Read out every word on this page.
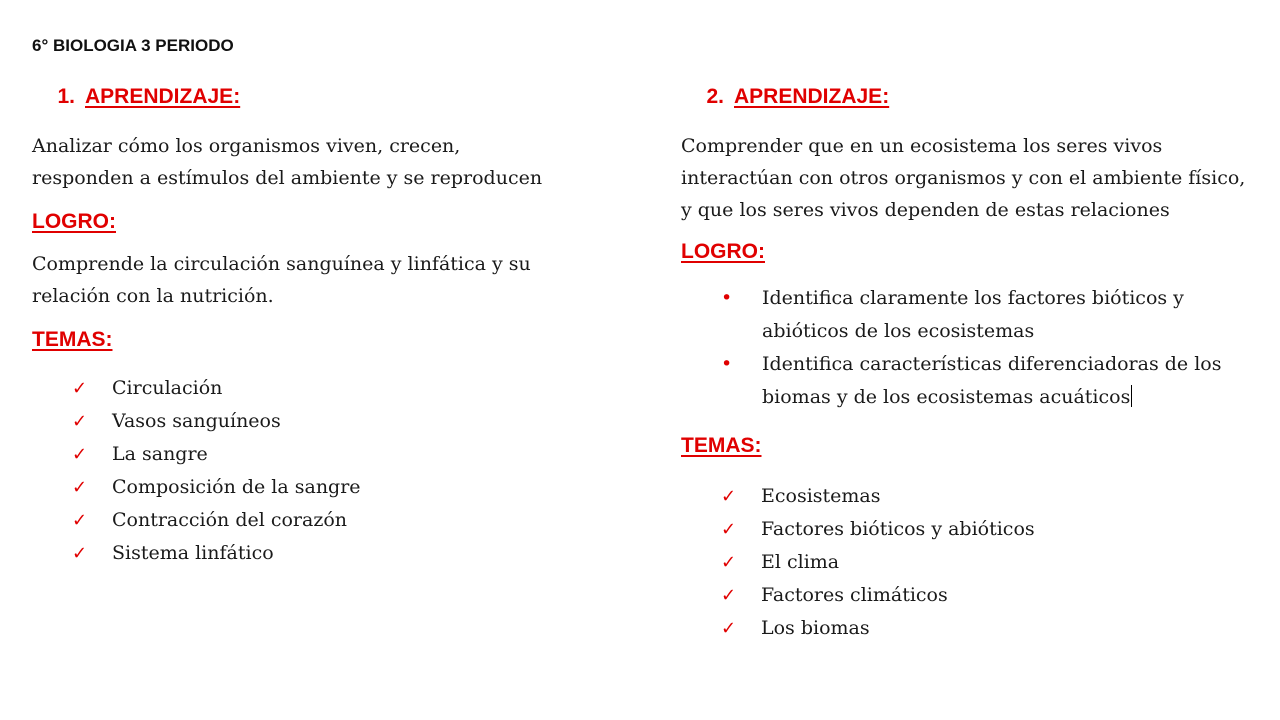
6° BIOLOGIA 3 PERIODO
1. APRENDIZAJE:

Analizar cómo los organismos viven, crecen, responden a estímulos del ambiente y se reproducen

LOGRO:

Comprende la circulación sanguínea y linfática y su relación con la nutrición.

TEMAS:
✓	Circulación
✓	Vasos sanguíneos
✓	La sangre
✓	Composición de la sangre
✓	Contracción del corazón
✓	Sistema linfático
2. APRENDIZAJE:

Comprender que en un ecosistema los seres vivos interactúan con otros organismos y con el ambiente físico, y que los seres vivos dependen de estas relaciones

LOGRO:
•	Identifica claramente los factores bióticos y abióticos de los ecosistemas
•	Identifica características diferenciadoras de los biomas y de los ecosistemas acuáticos
TEMAS:
✓	Ecosistemas
✓	Factores bióticos y abióticos
✓	El clima
✓	Factores climáticos
✓	Los biomas
